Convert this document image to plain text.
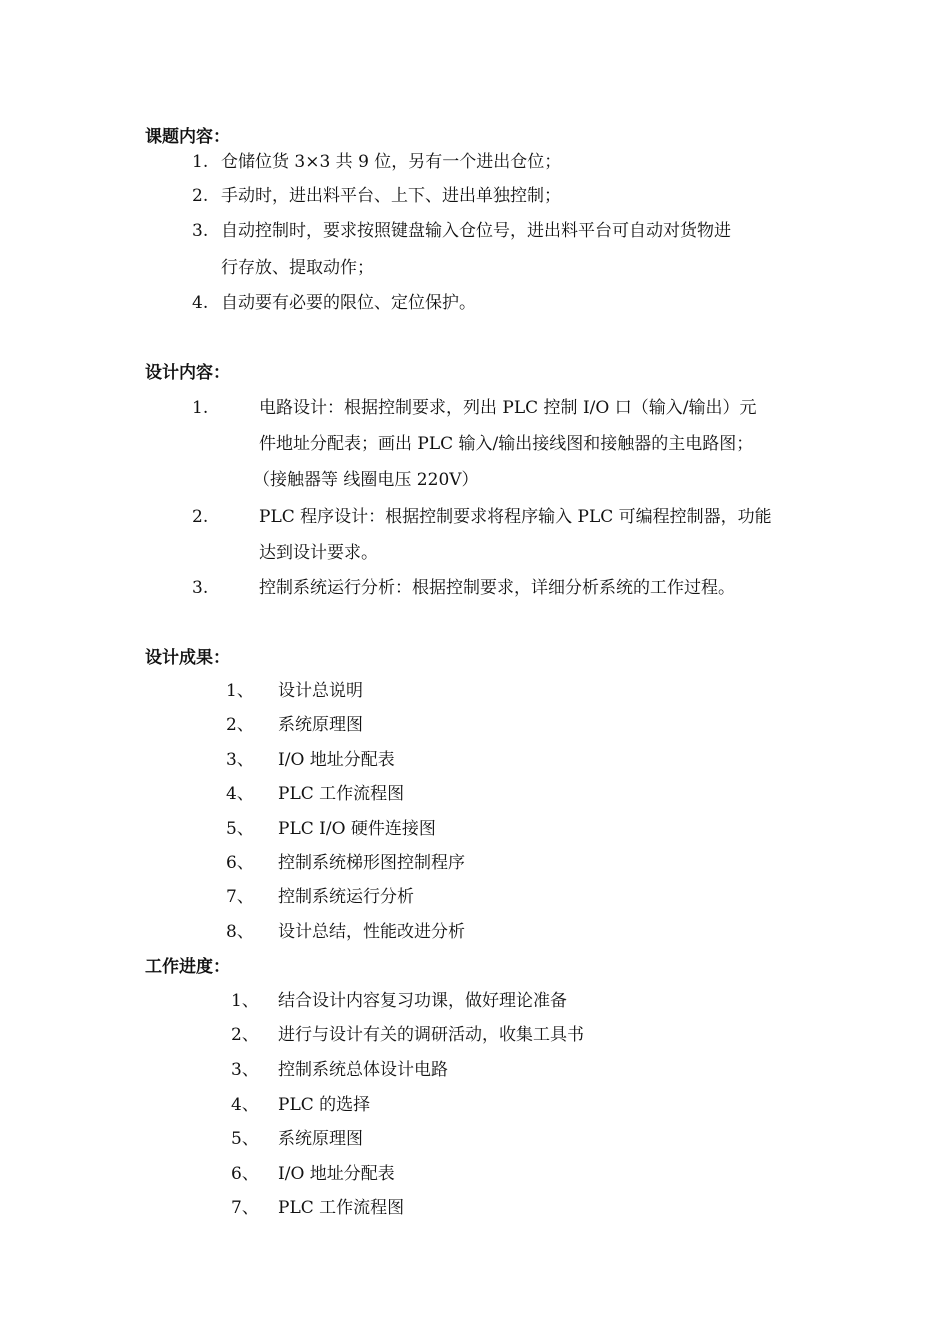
课题内容：
1. 仓储位货 3×3 共 9 位，另有一个进出仓位；
2. 手动时，进出料平台、上下、进出单独控制；
3. 自动控制时，要求按照键盘输入仓位号，进出料平台可自动对货物进
行存放、提取动作；
4. 自动要有必要的限位、定位保护。
设计内容：
1.	电路设计：根据控制要求，列出 PLC 控制 I/O 口（输入/输出）元
件地址分配表；画出 PLC 输入/输出接线图和接触器的主电路图；
（接触器等 线圈电压 220V）
2.	PLC 程序设计：根据控制要求将程序输入 PLC 可编程控制器，功能
达到设计要求。
3.	控制系统运行分析：根据控制要求，详细分析系统的工作过程。
设计成果：
1、 设计总说明
2、 系统原理图
3、 I/O 地址分配表
4、 PLC 工作流程图
5、 PLC I/O 硬件连接图
6、 控制系统梯形图控制程序
7、 控制系统运行分析
8、 设计总结，性能改进分析
工作进度：
1、 结合设计内容复习功课，做好理论准备
2、 进行与设计有关的调研活动，收集工具书
3、 控制系统总体设计电路
4、 PLC 的选择
5、 系统原理图
6、 I/O 地址分配表
7、 PLC 工作流程图
